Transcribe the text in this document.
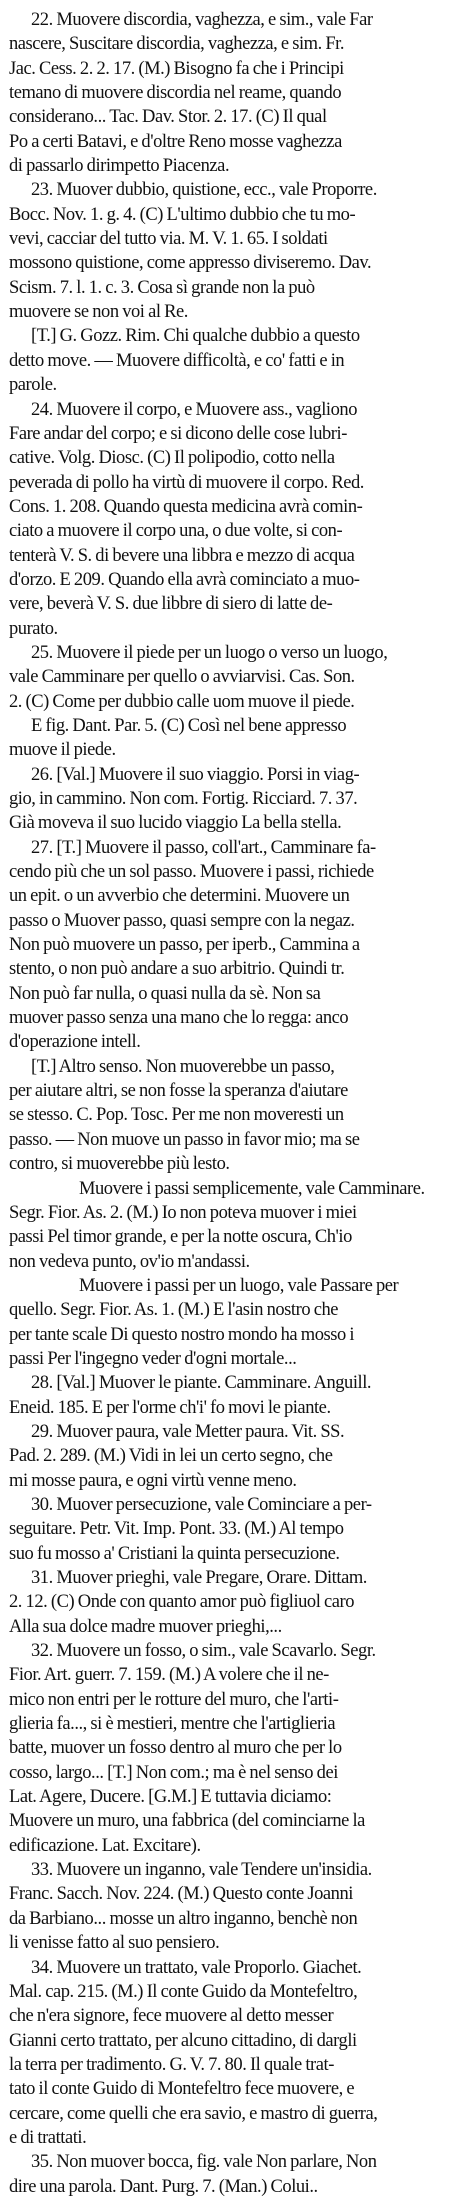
22. Muovere discordia, vaghezza, e sim., vale Far
nascere, Suscitare discordia, vaghezza, e sim. Fr.
Jac. Cess. 2. 2. 17. (M.) Bisogno fa che i Principi
temano di muovere discordia nel reame, quando
considerano... Tac. Dav. Stor. 2. 17. (C) Il qual
Po a certi Batavi, e d'oltre Reno mosse vaghezza
di passarlo dirimpetto Piacenza.
23. Muover dubbio, quistione, ecc., vale Proporre.
Bocc. Nov. 1. g. 4. (C) L'ultimo dubbio che tu mo-
vevi, cacciar del tutto via. M. V. 1. 65. I soldati
mossono quistione, come appresso diviseremo. Dav.
Scism. 7. l. 1. c. 3. Cosa sì grande non la può
muovere se non voi al Re.
[T.] G. Gozz. Rim. Chi qualche dubbio a questo
detto move. — Muovere difficoltà, e co' fatti e in
parole.
24. Muovere il corpo, e Muovere ass., vagliono
Fare andar del corpo; e si dicono delle cose lubri-
cative. Volg. Diosc. (C) Il polipodio, cotto nella
peverada di pollo ha virtù di muovere il corpo. Red.
Cons. 1. 208. Quando questa medicina avrà comin-
ciato a muovere il corpo una, o due volte, si con-
tenterà V. S. di bevere una libbra e mezzo di acqua
d'orzo. E 209. Quando ella avrà cominciato a muo-
vere, beverà V. S. due libbre di siero di latte de-
purato.
25. Muovere il piede per un luogo o verso un luogo,
vale Camminare per quello o avviarvisi. Cas. Son.
2. (C) Come per dubbio calle uom muove il piede.
E fig. Dant. Par. 5. (C) Così nel bene appresso
muove il piede.
26. [Val.] Muovere il suo viaggio. Porsi in viag-
gio, in cammino. Non com. Fortig. Ricciard. 7. 37.
Già moveva il suo lucido viaggio La bella stella.
27. [T.] Muovere il passo, coll'art., Camminare fa-
cendo più che un sol passo. Muovere i passi, richiede
un epit. o un avverbio che determini. Muovere un
passo o Muover passo, quasi sempre con la negaz.
Non può muovere un passo, per iperb., Cammina a
stento, o non può andare a suo arbitrio. Quindi tr.
Non può far nulla, o quasi nulla da sè. Non sa
muover passo senza una mano che lo regga: anco
d'operazione intell.
[T.] Altro senso. Non muoverebbe un passo,
per aiutare altri, se non fosse la speranza d'aiutare
se stesso. C. Pop. Tosc. Per me non moveresti un
passo. — Non muove un passo in favor mio; ma se
contro, si muoverebbe più lesto.
Muovere i passi semplicemente, vale Camminare.
Segr. Fior. As. 2. (M.) Io non poteva muover i miei
passi Pel timor grande, e per la notte oscura, Ch'io
non vedeva punto, ov'io m'andassi.
Muovere i passi per un luogo, vale Passare per
quello. Segr. Fior. As. 1. (M.) E l'asin nostro che
per tante scale Di questo nostro mondo ha mosso i
passi Per l'ingegno veder d'ogni mortale...
28. [Val.] Muover le piante. Camminare. Anguill.
Eneid. 185. E per l'orme ch'i' fo movi le piante.
29. Muover paura, vale Metter paura. Vit. SS.
Pad. 2. 289. (M.) Vidi in lei un certo segno, che
mi mosse paura, e ogni virtù venne meno.
30. Muover persecuzione, vale Cominciare a per-
seguitare. Petr. Vit. Imp. Pont. 33. (M.) Al tempo
suo fu mosso a' Cristiani la quinta persecuzione.
31. Muover prieghi, vale Pregare, Orare. Dittam.
2. 12. (C) Onde con quanto amor può figliuol caro
Alla sua dolce madre muover prieghi,...
32. Muovere un fosso, o sim., vale Scavarlo. Segr.
Fior. Art. guerr. 7. 159. (M.) A volere che il ne-
mico non entri per le rotture del muro, che l'arti-
glieria fa..., si è mestieri, mentre che l'artiglieria
batte, muover un fosso dentro al muro che per lo
cosso, largo... [T.] Non com.; ma è nel senso dei
Lat. Agere, Ducere. [G.M.] E tuttavia diciamo:
Muovere un muro, una fabbrica (del cominciarne la
edificazione. Lat. Excitare).
33. Muovere un inganno, vale Tendere un'insidia.
Franc. Sacch. Nov. 224. (M.) Questo conte Joanni
da Barbiano... mosse un altro inganno, benchè non
li venisse fatto al suo pensiero.
34. Muovere un trattato, vale Proporlo. Giachet.
Mal. cap. 215. (M.) Il conte Guido da Montefeltro,
che n'era signore, fece muovere al detto messer
Gianni certo trattato, per alcuno cittadino, di dargli
la terra per tradimento. G. V. 7. 80. Il quale trat-
tato il conte Guido di Montefeltro fece muovere, e
cercare, come quelli che era savio, e mastro di guerra,
e di trattati.
35. Non muover bocca, fig. vale Non parlare, Non
dire una parola. Dant. Purg. 7. (Man.) Colui..
